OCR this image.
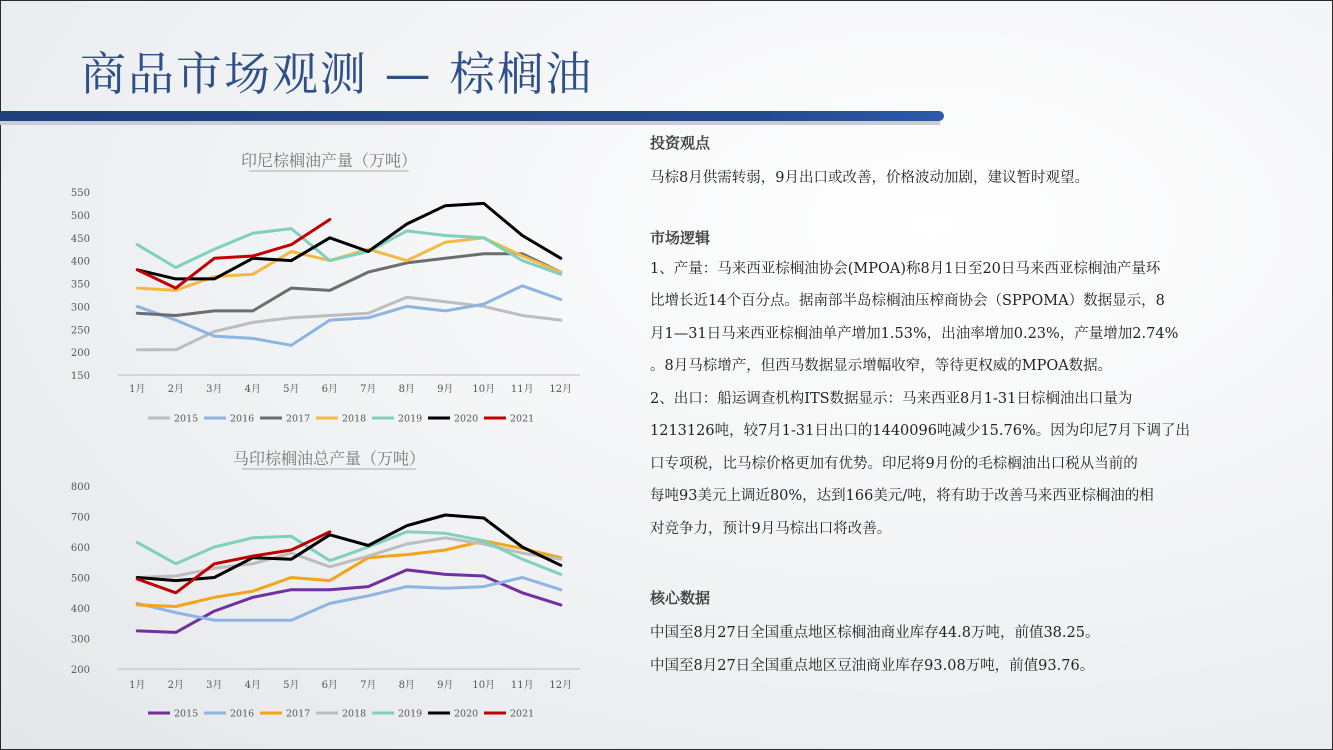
商品市场观测 — 棕榈油
印尼棕榈油产量（万吨）
150
200
250
300
350
400
450
500
550
1月 2月 3月 4月 5月 6月 7月 8月 9月 10月 11月 12月
2015	2016	2017	2018	2019	2020	2021
马印棕榈油总产量（万吨）
200
300
400
500
600
700
800
1月 2月 3月 4月 5月 6月 7月 8月 9月 10月 11月 12月
2015	2016	2017	2018	2019	2020	2021

投资观点

马棕8月供需转弱，9月出口或改善，价格波动加剧，建议暂时观望。

市场逻辑

1、产量：马来西亚棕榈油协会(MPOA)称8月1日至20日马来西亚棕榈油产量环

比增长近14个百分点。据南部半岛棕榈油压榨商协会（SPPOMA）数据显示，8

月1—31日马来西亚棕榈油单产增加1.53%，出油率增加0.23%，产量增加2.74%

。8月马棕增产，但西马数据显示增幅收窄，等待更权威的MPOA数据。

2、出口：船运调查机构ITS数据显示：马来西亚8月1-31日棕榈油出口量为

1213126吨，较7月1-31日出口的1440096吨减少15.76%。因为印尼7月下调了出

口专项税，比马棕价格更加有优势。印尼将9月份的毛棕榈油出口税从当前的

每吨93美元上调近80%，达到166美元/吨，将有助于改善马来西亚棕榈油的相

对竞争力，预计9月马棕出口将改善。

核心数据

中国至8月27日全国重点地区棕榈油商业库存44.8万吨，前值38.25。

中国至8月27日全国重点地区豆油商业库存93.08万吨，前值93.76。
